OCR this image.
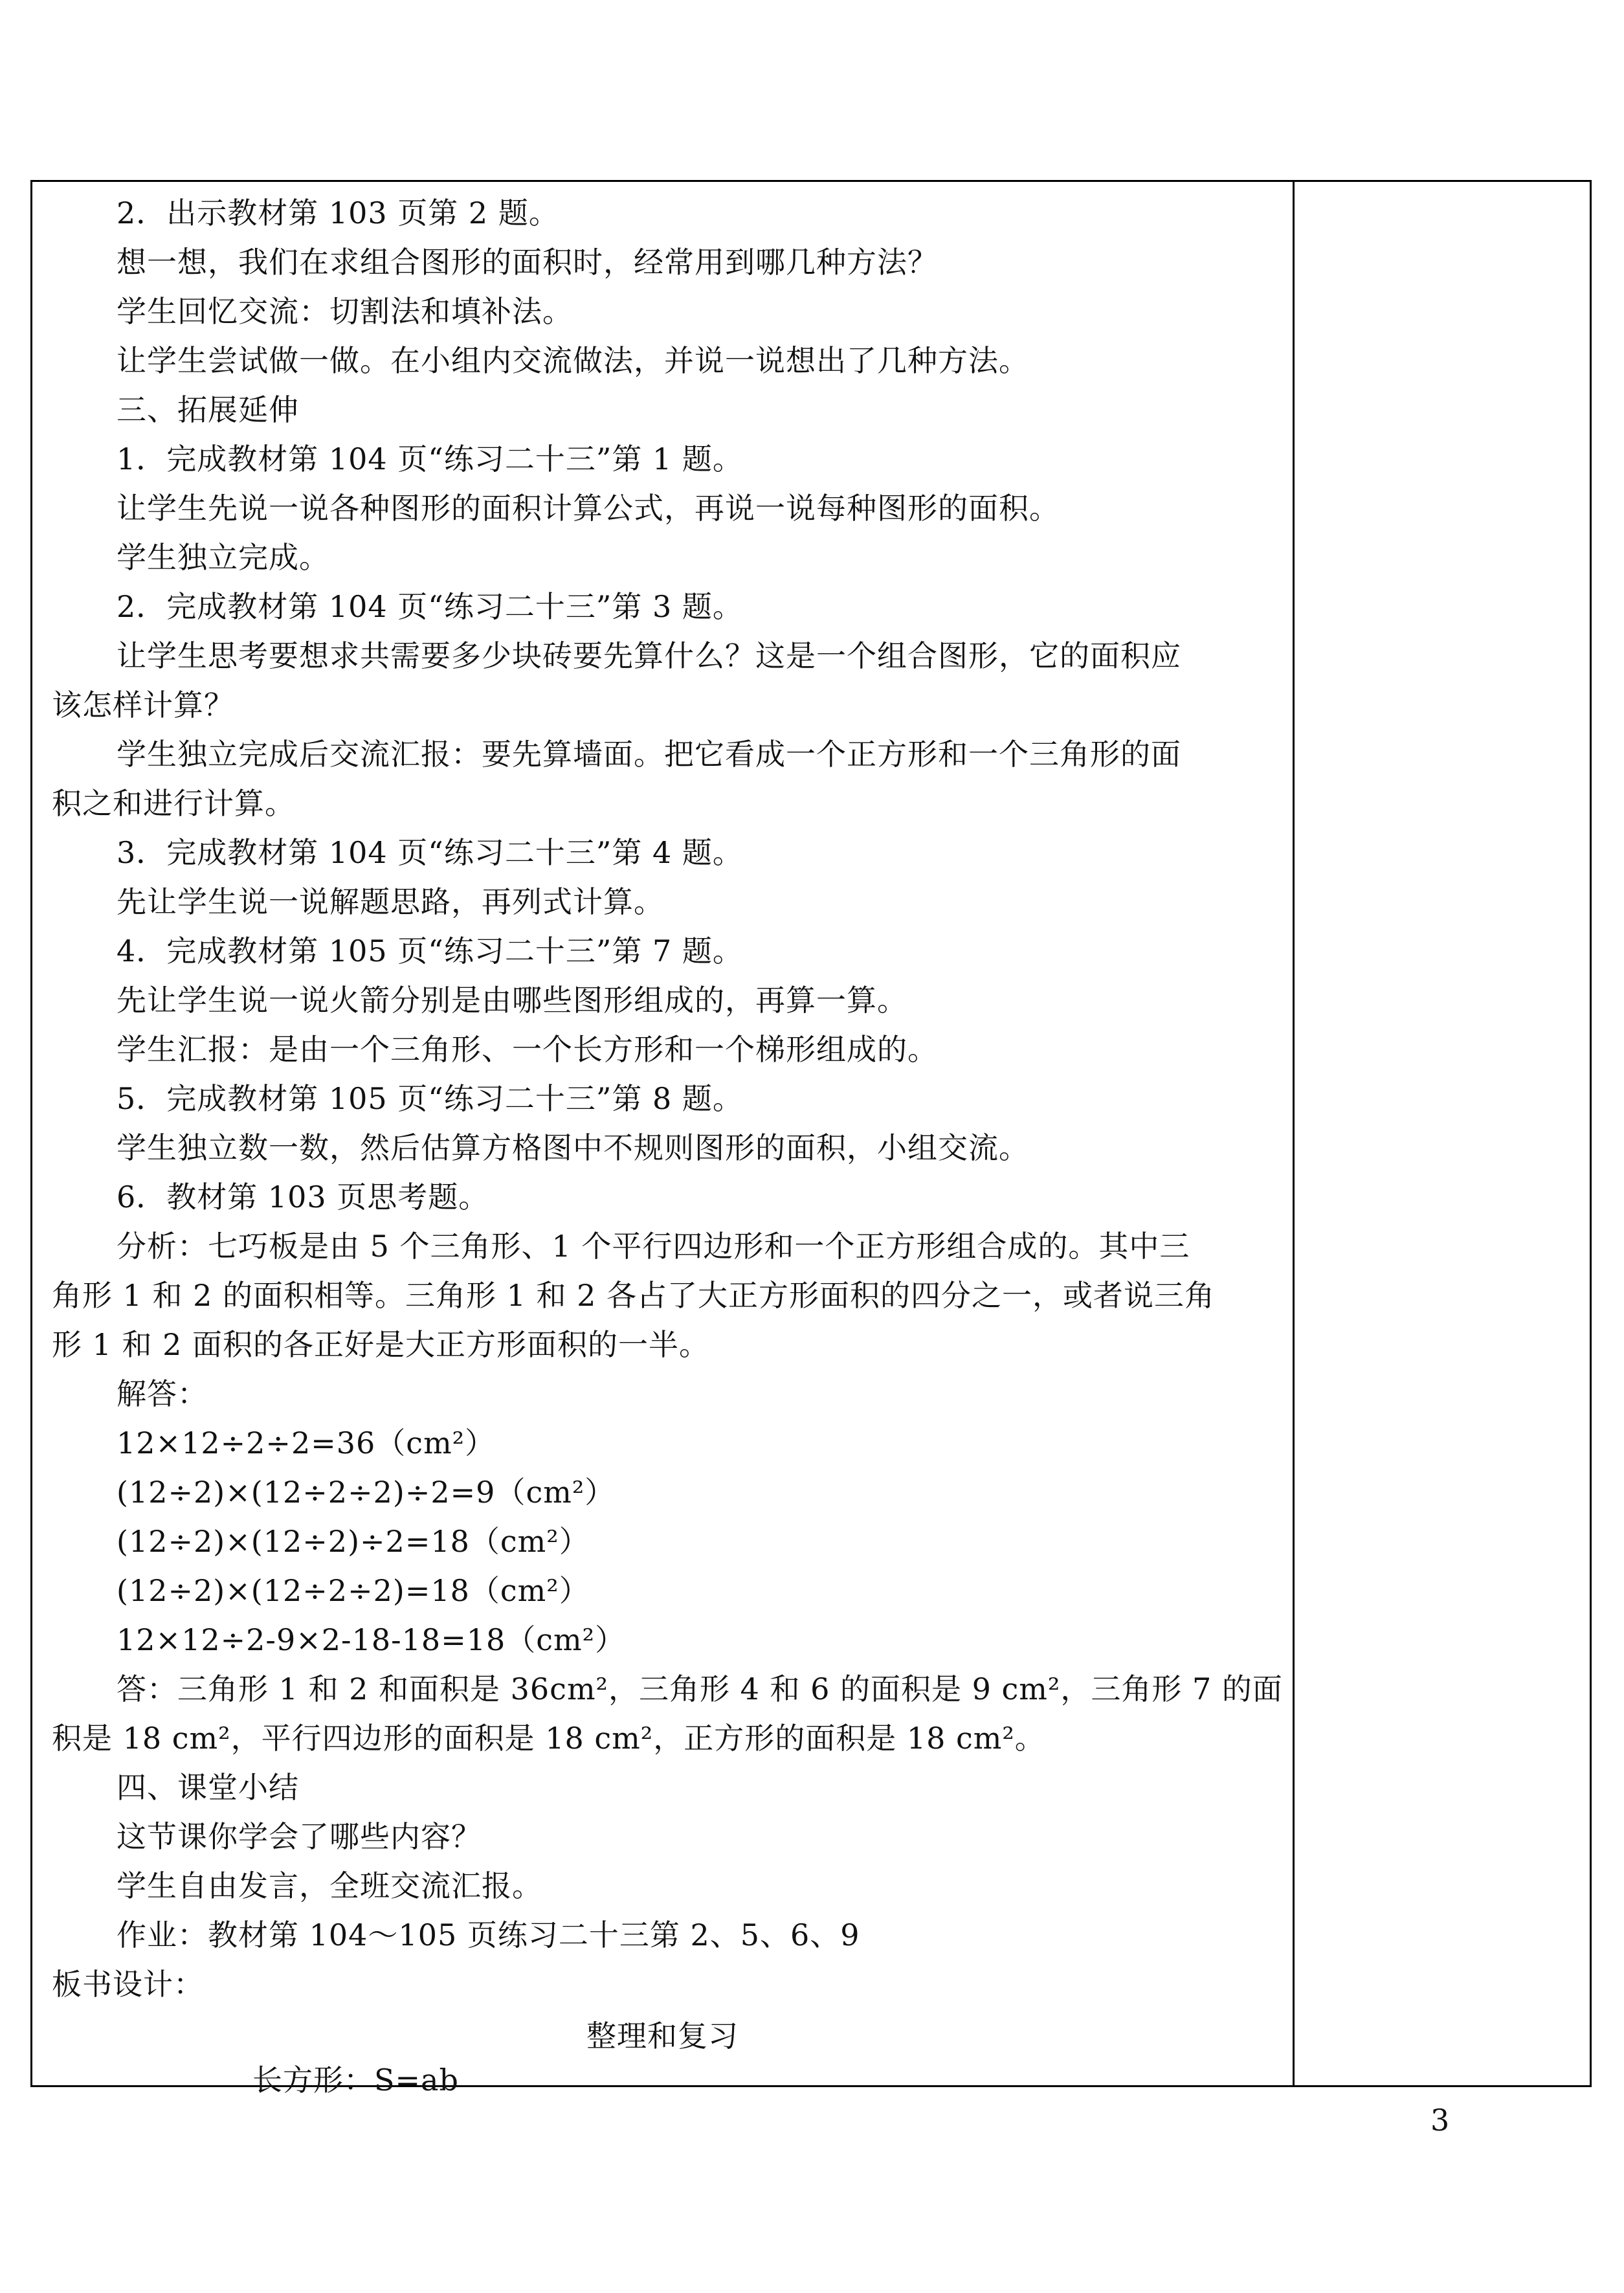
2．出示教材第 103 页第 2 题。
想一想，我们在求组合图形的面积时，经常用到哪几种方法？
学生回忆交流：切割法和填补法。
让学生尝试做一做。在小组内交流做法，并说一说想出了几种方法。
三、拓展延伸
1．完成教材第 104 页“练习二十三”第 1 题。
让学生先说一说各种图形的面积计算公式，再说一说每种图形的面积。
学生独立完成。
2．完成教材第 104 页“练习二十三”第 3 题。
让学生思考要想求共需要多少块砖要先算什么？这是一个组合图形，它的面积应
该怎样计算？
学生独立完成后交流汇报：要先算墙面。把它看成一个正方形和一个三角形的面
积之和进行计算。
3．完成教材第 104 页“练习二十三”第 4 题。
先让学生说一说解题思路，再列式计算。
4．完成教材第 105 页“练习二十三”第 7 题。
先让学生说一说火箭分别是由哪些图形组成的，再算一算。
学生汇报：是由一个三角形、一个长方形和一个梯形组成的。
5．完成教材第 105 页“练习二十三”第 8 题。
学生独立数一数，然后估算方格图中不规则图形的面积，小组交流。
6．教材第 103 页思考题。
分析：七巧板是由 5 个三角形、1 个平行四边形和一个正方形组合成的。其中三
角形 1 和 2 的面积相等。三角形 1 和 2 各占了大正方形面积的四分之一，或者说三角
形 1 和 2 面积的各正好是大正方形面积的一半。
解答：
12×12÷2÷2=36（cm²）
(12÷2)×(12÷2÷2)÷2=9（cm²）
(12÷2)×(12÷2)÷2=18（cm²）
(12÷2)×(12÷2÷2)=18（cm²）
12×12÷2-9×2-18-18=18（cm²）
答：三角形 1 和 2 和面积是 36cm²，三角形 4 和 6 的面积是 9 cm²，三角形 7 的面
积是 18 cm²，平行四边形的面积是 18 cm²，正方形的面积是 18 cm²。
四、课堂小结
这节课你学会了哪些内容？
学生自由发言，全班交流汇报。
作业：教材第 104～105 页练习二十三第 2、5、6、9
板书设计：
整理和复习
长方形：S=ab
3
